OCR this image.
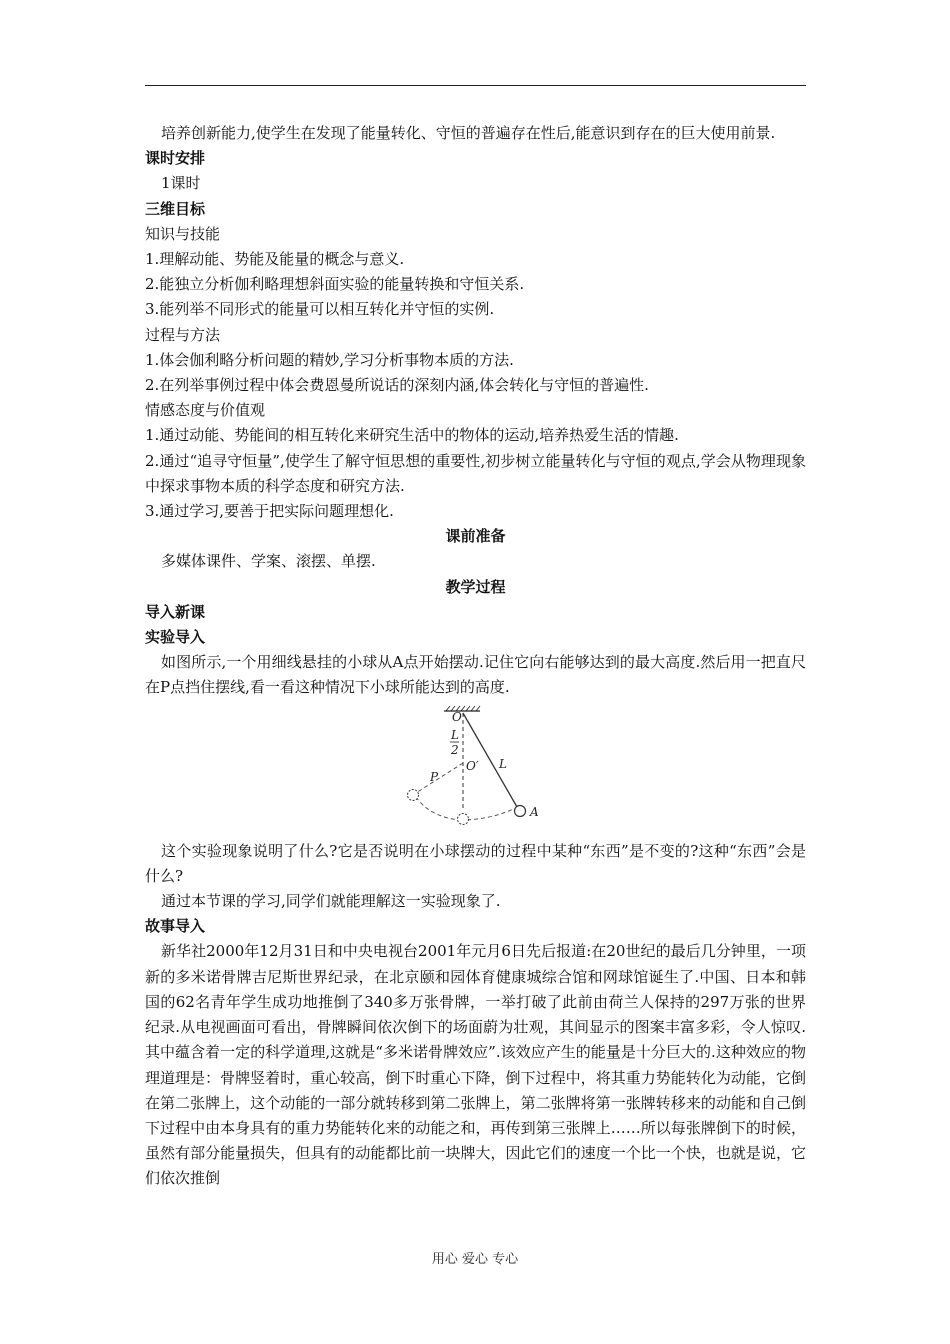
培养创新能力,使学生在发现了能量转化、守恒的普遍存在性后,能意识到存在的巨大使用前景.

课时安排

1课时

三维目标

知识与技能

1.理解动能、势能及能量的概念与意义.

2.能独立分析伽利略理想斜面实验的能量转换和守恒关系.

3.能列举不同形式的能量可以相互转化并守恒的实例.

过程与方法

1.体会伽利略分析问题的精妙,学习分析事物本质的方法.

2.在列举事例过程中体会费恩曼所说话的深刻内涵,体会转化与守恒的普遍性.

情感态度与价值观

1.通过动能、势能间的相互转化来研究生活中的物体的运动,培养热爱生活的情趣.

2.通过“追寻守恒量”,使学生了解守恒思想的重要性,初步树立能量转化与守恒的观点,学会从物理现象中探求事物本质的科学态度和研究方法.

3.通过学习,要善于把实际问题理想化.

课前准备

多媒体课件、学案、滚摆、单摆.

教学过程

导入新课

实验导入

如图所示,一个用细线悬挂的小球从A点开始摆动.记住它向右能够达到的最大高度.然后用一把直尺在P点挡住摆线,看一看这种情况下小球所能达到的高度.

O
L
2
O′ L
P
A

这个实验现象说明了什么?它是否说明在小球摆动的过程中某种“东西”是不变的?这种“东西”会是什么?

通过本节课的学习,同学们就能理解这一实验现象了.

故事导入

新华社2000年12月31日和中央电视台2001年元月6日先后报道:在20世纪的最后几分钟里，一项新的多米诺骨牌吉尼斯世界纪录，在北京颐和园体育健康城综合馆和网球馆诞生了.中国、日本和韩国的62名青年学生成功地推倒了340多万张骨牌，一举打破了此前由荷兰人保持的297万张的世界纪录.从电视画面可看出，骨牌瞬间依次倒下的场面蔚为壮观，其间显示的图案丰富多彩，令人惊叹.其中蕴含着一定的科学道理,这就是“多米诺骨牌效应”.该效应产生的能量是十分巨大的.这种效应的物理道理是：骨牌竖着时，重心较高，倒下时重心下降，倒下过程中，将其重力势能转化为动能，它倒在第二张牌上，这个动能的一部分就转移到第二张牌上，第二张牌将第一张牌转移来的动能和自己倒下过程中由本身具有的重力势能转化来的动能之和，再传到第三张牌上……所以每张牌倒下的时候，虽然有部分能量损失，但具有的动能都比前一块牌大，因此它们的速度一个比一个快，也就是说，它们依次推倒

用心 爱心 专心
